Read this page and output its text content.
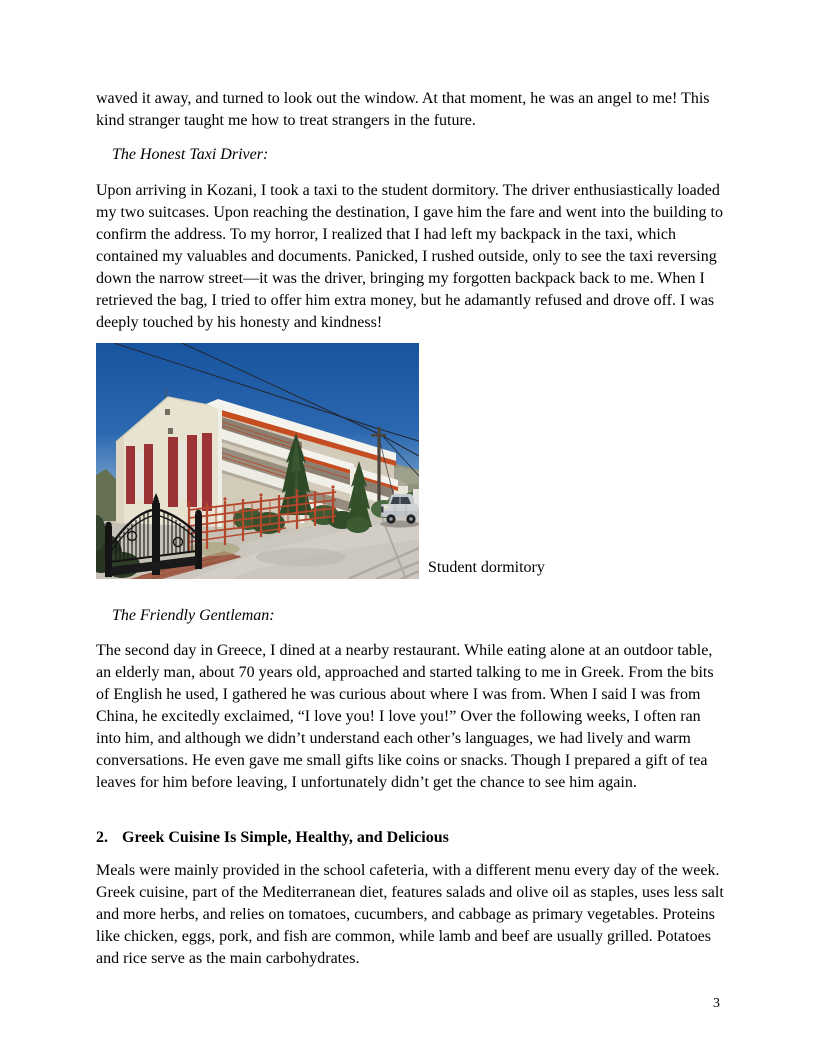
waved it away, and turned to look out the window. At that moment, he was an angel to me! This kind stranger taught me how to treat strangers in the future.

The Honest Taxi Driver:

Upon arriving in Kozani, I took a taxi to the student dormitory. The driver enthusiastically loaded my two suitcases. Upon reaching the destination, I gave him the fare and went into the building to confirm the address. To my horror, I realized that I had left my backpack in the taxi, which contained my valuables and documents. Panicked, I rushed outside, only to see the taxi reversing down the narrow street—it was the driver, bringing my forgotten backpack back to me. When I retrieved the bag, I tried to offer him extra money, but he adamantly refused and drove off. I was deeply touched by his honesty and kindness!

Student dormitory

The Friendly Gentleman:

The second day in Greece, I dined at a nearby restaurant. While eating alone at an outdoor table, an elderly man, about 70 years old, approached and started talking to me in Greek. From the bits of English he used, I gathered he was curious about where I was from. When I said I was from China, he excitedly exclaimed, “I love you! I love you!” Over the following weeks, I often ran into him, and although we didn’t understand each other’s languages, we had lively and warm conversations. He even gave me small gifts like coins or snacks. Though I prepared a gift of tea leaves for him before leaving, I unfortunately didn’t get the chance to see him again.

2. Greek Cuisine Is Simple, Healthy, and Delicious

Meals were mainly provided in the school cafeteria, with a different menu every day of the week. Greek cuisine, part of the Mediterranean diet, features salads and olive oil as staples, uses less salt and more herbs, and relies on tomatoes, cucumbers, and cabbage as primary vegetables. Proteins like chicken, eggs, pork, and fish are common, while lamb and beef are usually grilled. Potatoes and rice serve as the main carbohydrates.

3
